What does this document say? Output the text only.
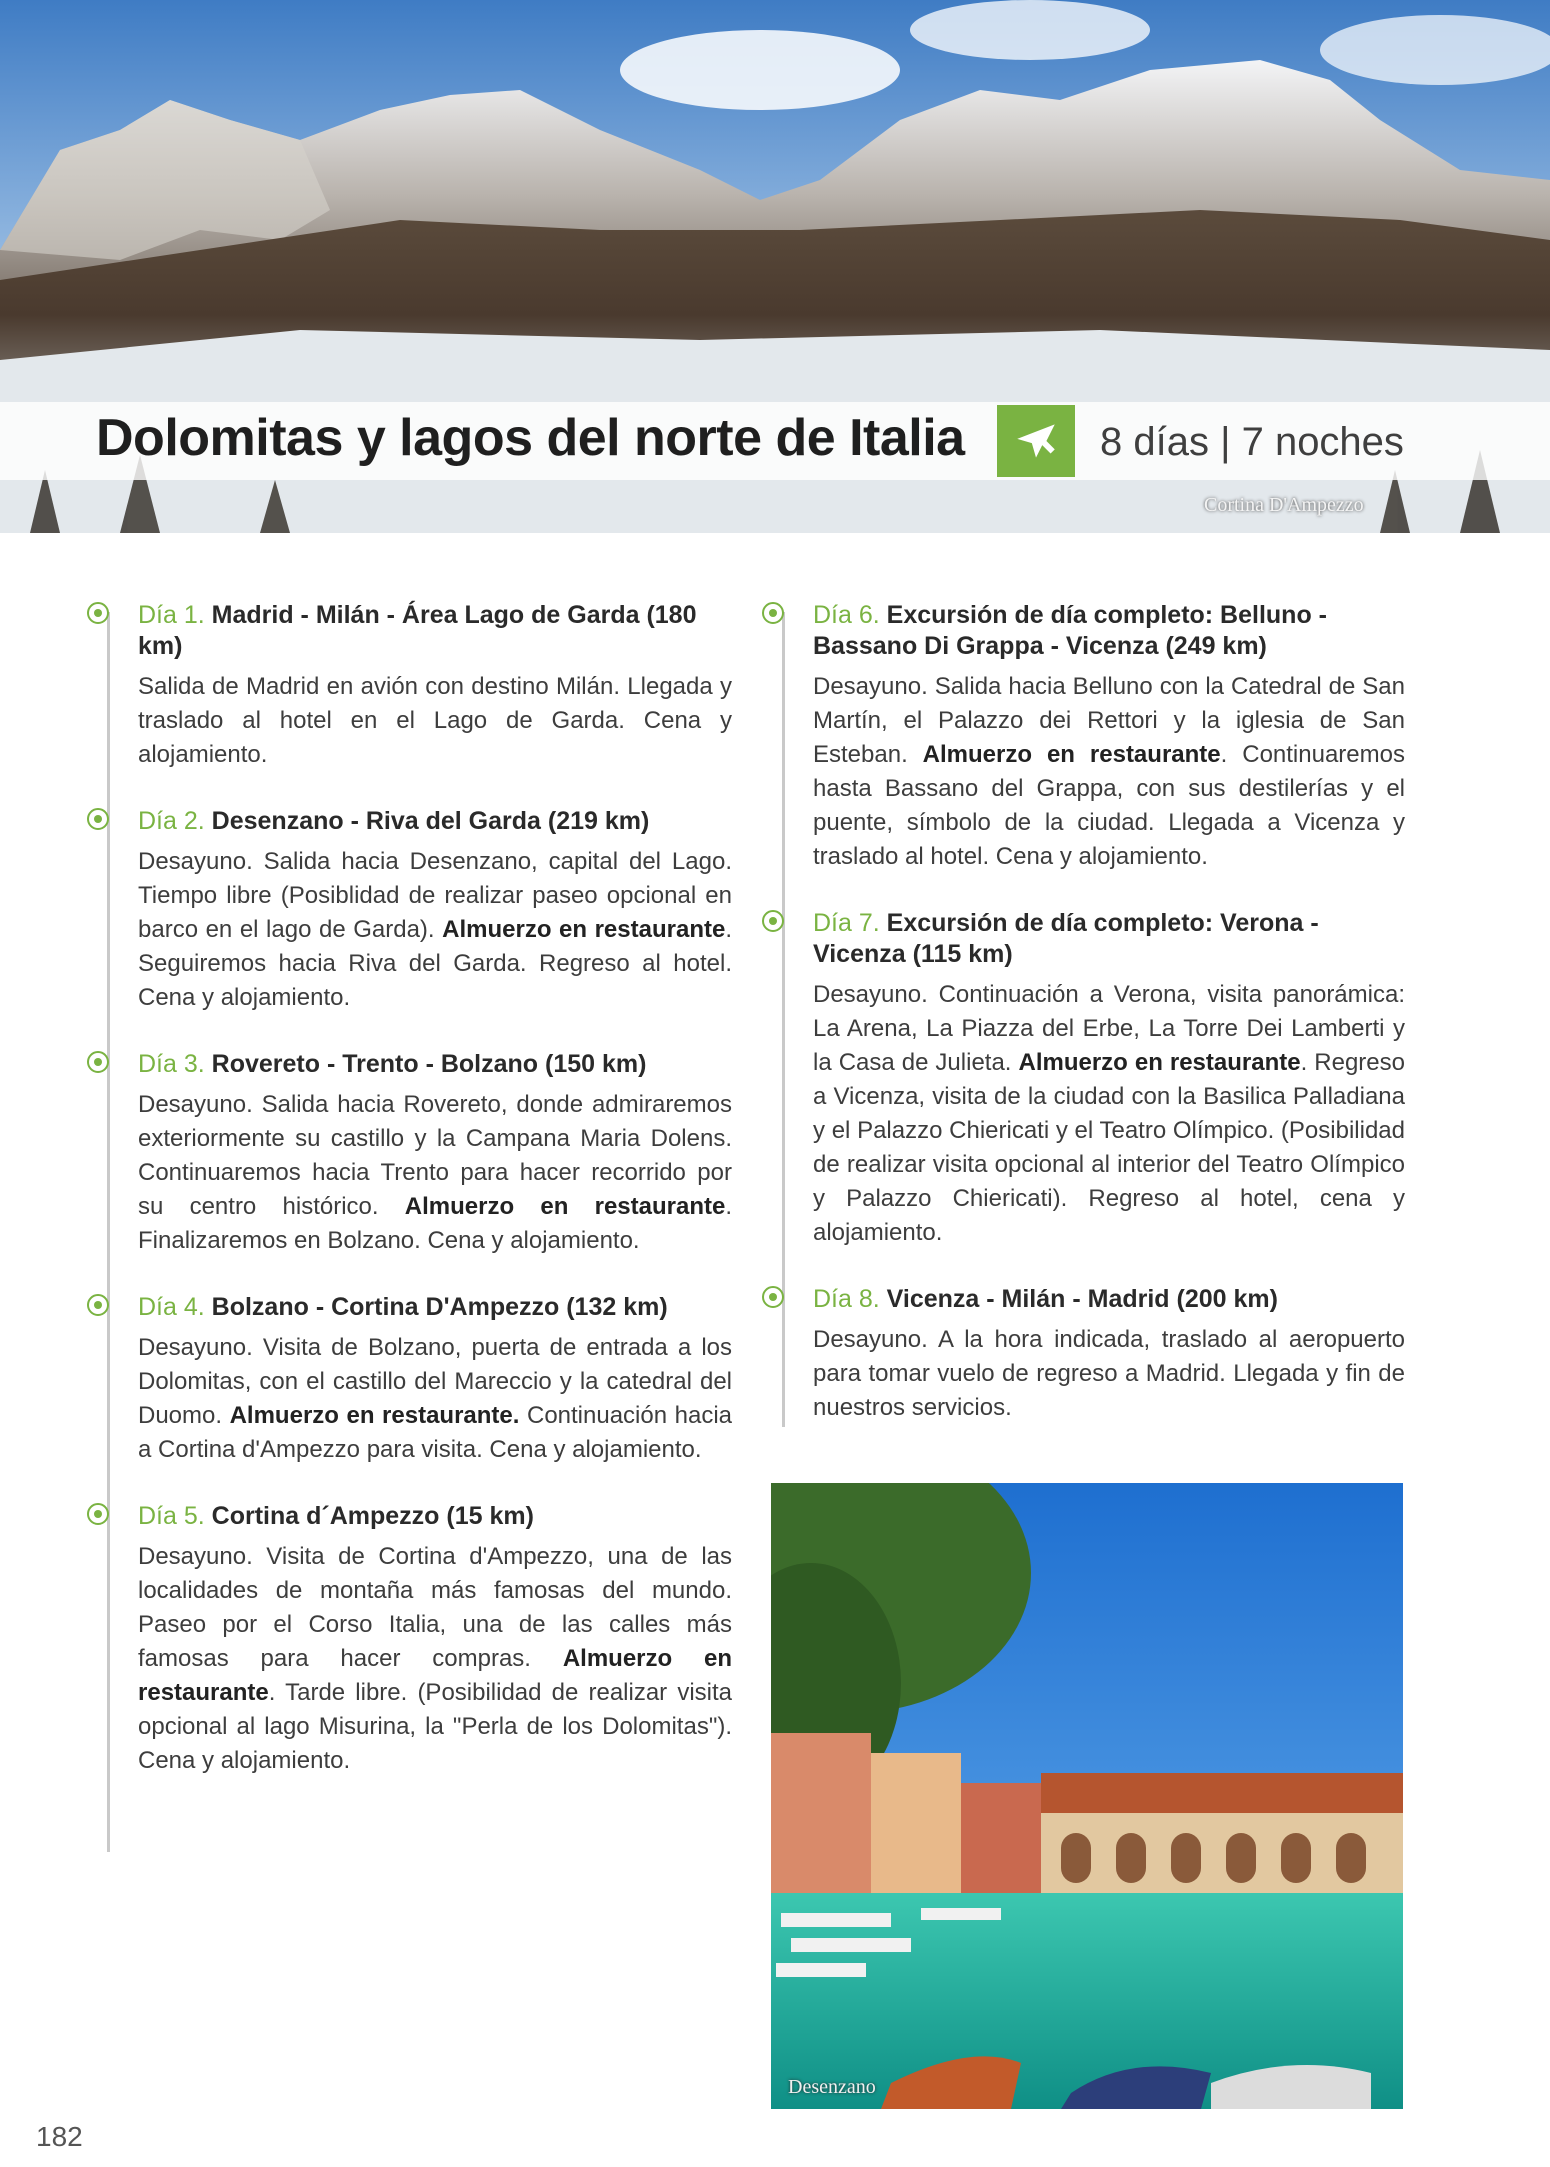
Dolomitas y lagos del norte de Italia	8 días | 7 noches
Cortina D'Ampezzo
Día 1. Madrid - Milán - Área Lago de Garda (180 km)

Salida de Madrid en avión con destino Milán. Llegada y traslado al hotel en el Lago de Garda. Cena y alojamiento.

Día 2. Desenzano - Riva del Garda (219 km)

Desayuno. Salida hacia Desenzano, capital del Lago. Tiempo libre (Posiblidad de realizar paseo opcional en barco en el lago de Garda). Almuerzo en restaurante. Seguiremos hacia Riva del Garda. Regreso al hotel. Cena y alojamiento.

Día 3. Rovereto - Trento - Bolzano (150 km)

Desayuno. Salida hacia Rovereto, donde admiraremos exteriormente su castillo y la Campana Maria Dolens. Continuaremos hacia Trento para hacer recorrido por su centro histórico. Almuerzo en restaurante. Finalizaremos en Bolzano. Cena y alojamiento.

Día 4. Bolzano - Cortina D'Ampezzo (132 km)

Desayuno. Visita de Bolzano, puerta de entrada a los Dolomitas, con el castillo del Mareccio y la catedral del Duomo. Almuerzo en restaurante. Continuación hacia a Cortina d'Ampezzo para visita. Cena y alojamiento.

Día 5. Cortina d´Ampezzo (15 km)

Desayuno. Visita de Cortina d'Ampezzo, una de las localidades de montaña más famosas del mundo. Paseo por el Corso Italia, una de las calles más famosas para hacer compras. Almuerzo en restaurante. Tarde libre. (Posibilidad de realizar visita opcional al lago Misurina, la "Perla de los Dolomitas"). Cena y alojamiento.

Día 6. Excursión de día completo: Belluno - Bassano Di Grappa - Vicenza (249 km)

Desayuno. Salida hacia Belluno con la Catedral de San Martín, el Palazzo dei Rettori y la iglesia de San Esteban. Almuerzo en restaurante. Continuaremos hasta Bassano del Grappa, con sus destilerías y el puente, símbolo de la ciudad. Llegada a Vicenza y traslado al hotel. Cena y alojamiento.

Día 7. Excursión de día completo: Verona - Vicenza (115 km)

Desayuno. Continuación a Verona, visita panorámica: La Arena, La Piazza del Erbe, La Torre Dei Lamberti y la Casa de Julieta. Almuerzo en restaurante. Regreso a Vicenza, visita de la ciudad con la Basilica Palladiana y el Palazzo Chiericati y el Teatro Olímpico. (Posibilidad de realizar visita opcional al interior del Teatro Olímpico y Palazzo Chiericati). Regreso al hotel, cena y alojamiento.

Día 8. Vicenza - Milán - Madrid (200 km)

Desayuno. A la hora indicada, traslado al aeropuerto para tomar vuelo de regreso a Madrid. Llegada y fin de nuestros servicios.

Desenzano
182
